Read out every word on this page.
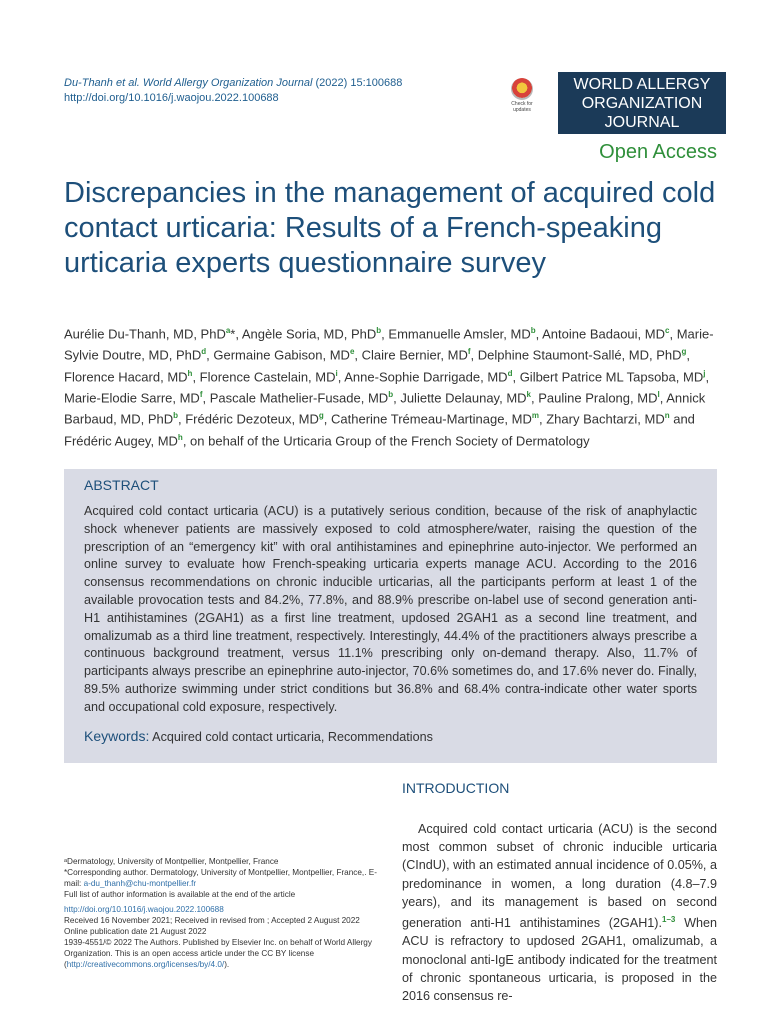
Du-Thanh et al. World Allergy Organization Journal (2022) 15:100688
http://doi.org/10.1016/j.waojou.2022.100688	Check for updates
WORLD ALLERGY
ORGANIZATION
JOURNAL
Open Access
Discrepancies in the management of acquired cold contact urticaria: Results of a French-speaking urticaria experts questionnaire survey
Aurélie Du-Thanh, MD, PhD$^a$*, Angèle Soria, MD, PhD$^b$, Emmanuelle Amsler, $MD^b$, Antoine Badaoui, $MD^c$, Marie-Sylvie Doutre, MD, PhD$^d$, Germaine Gabison, MDe, Claire Bernier, $MD^f$, Delphine Staumont-Sallé, MD, PhD$^g$, Florence Hacard, $MD^h$, Florence Castelain, $MD^i$, Anne-Sophie Darrigade, $MD^d$, Gilbert Patrice ML Tapsoba, $MD^j$, Marie-Elodie Sarre, $MD^f$, Pascale Mathelier-Fusade, $MD^b$, Juliette Delaunay, $MD^k$, Pauline Pralong, $MD^l$, Annick Barbaud, MD, PhD$^b$, Frédéric Dezoteux, $MD^g$, Catherine Trémeau-Martinage, $MD^m$, Zhary Bachtarzi, $MD^n$ and Frédéric Augey, $MD^h$, on behalf of the Urticaria Group of the French Society of Dermatology
ABSTRACT
Acquired cold contact urticaria (ACU) is a putatively serious condition, because of the risk of anaphylactic shock whenever patients are massively exposed to cold atmosphere/water, raising the question of the prescription of an “emergency kit” with oral antihistamines and epinephrine auto-injector. We performed an online survey to evaluate how French-speaking urticaria experts manage ACU. According to the 2016 consensus recommendations on chronic inducible urticarias, all the participants perform at least 1 of the available provocation tests and 84.2%, 77.8%, and 88.9% prescribe on-label use of second generation anti-H1 antihistamines (2GAH1) as a first line treatment, updosed 2GAH1 as a second line treatment, and omalizumab as a third line treatment, respectively. Interestingly, 44.4% of the practitioners always prescribe a continuous background treatment, versus 11.1% prescribing only on-demand therapy. Also, 11.7% of participants always prescribe an epinephrine auto-injector, 70.6% sometimes do, and 17.6% never do. Finally, 89.5% authorize swimming under strict conditions but 36.8% and 68.4% contra-indicate other water sports and occupational cold exposure, respectively.
Keywords: Acquired cold contact urticaria, Recommendations
INTRODUCTION
Acquired cold contact urticaria (ACU) is the second most common subset of chronic inducible urticaria (CIndU), with an estimated annual incidence of 0.05%, a predominance in women, a long duration (4.8–7.9 years), and its management is based on second generation anti-H1 antihistamines (2GAH1).$^{1-3}$ When ACU is refractory to updosed 2GAH1, omalizumab, a monoclonal anti-IgE antibody indicated for the treatment of chronic spontaneous urticaria, is proposed in the 2016 consensus re-
ᵃDermatology, University of Montpellier, Montpellier, France
*Corresponding author. Dermatology, University of Montpellier, Montpellier, France,. E-mail: a-du_thanh@chu-montpellier.fr
Full list of author information is available at the end of the article
http://doi.org/10.1016/j.waojou.2022.100688
Received 16 November 2021; Received in revised from ; Accepted 2 August 2022
Online publication date 21 August 2022
1939-4551/© 2022 The Authors. Published by Elsevier Inc. on behalf of World Allergy Organization. This is an open access article under the CC BY license (http://creativecommons.org/licenses/by/4.0/).
